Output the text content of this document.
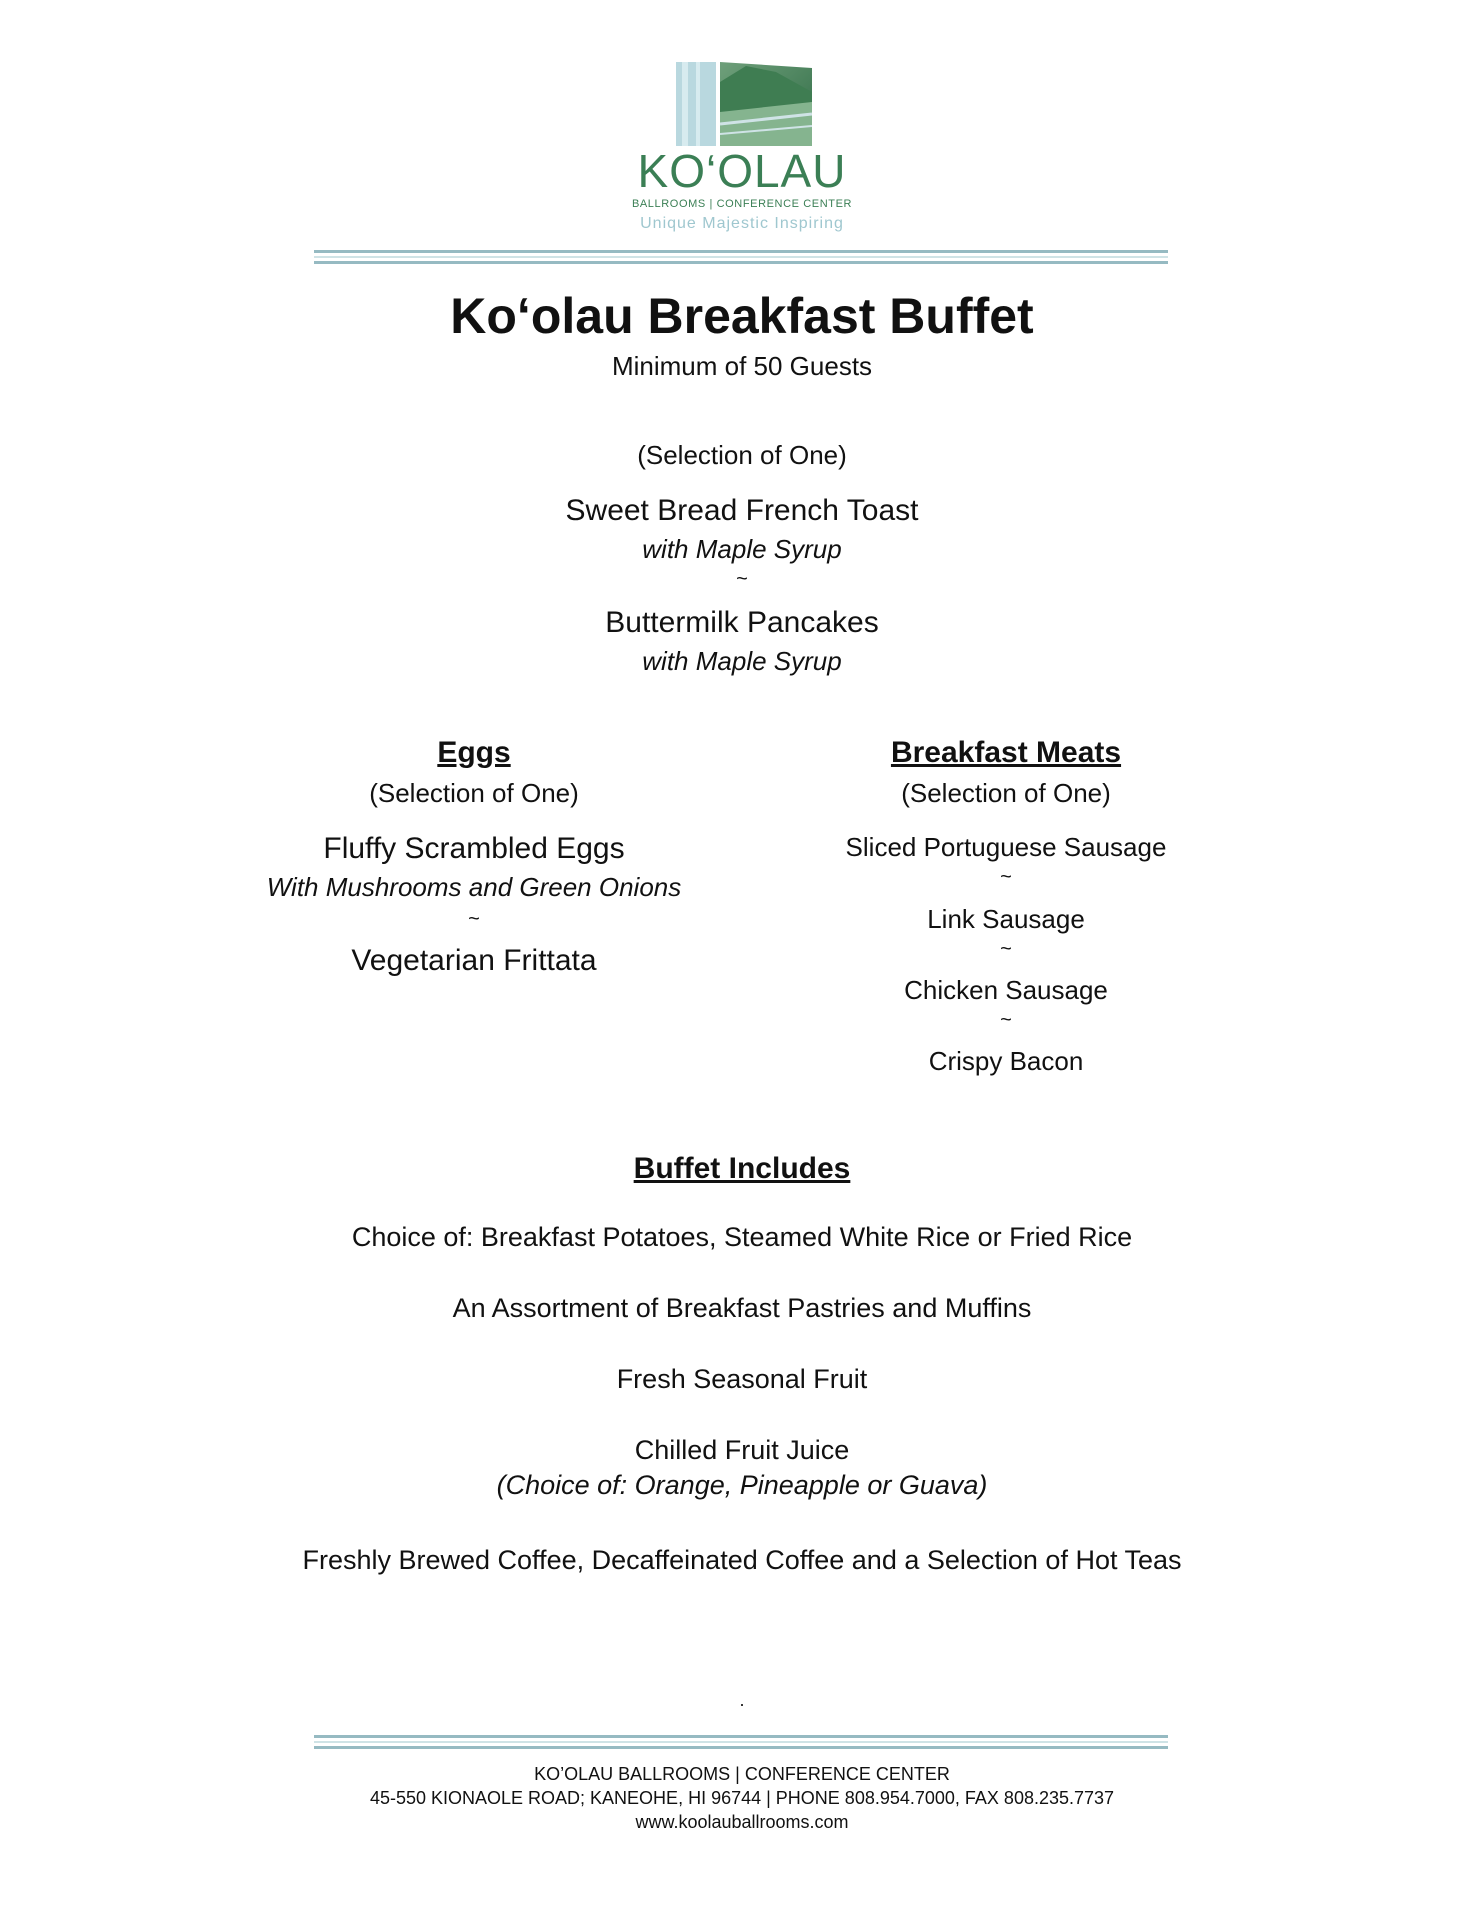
KO‘OLAU
BALLROOMS | CONFERENCE CENTER
Unique Majestic Inspiring
Ko‘olau Breakfast Buffet
Minimum of 50 Guests
(Selection of One)
Sweet Bread French Toast
with Maple Syrup
~
Buttermilk Pancakes
with Maple Syrup
Eggs
(Selection of One)
Fluffy Scrambled Eggs
With Mushrooms and Green Onions
~
Vegetarian Frittata
Breakfast Meats
(Selection of One)
Sliced Portuguese Sausage
~
Link Sausage
~
Chicken Sausage
~
Crispy Bacon
Buffet Includes
Choice of: Breakfast Potatoes, Steamed White Rice or Fried Rice
An Assortment of Breakfast Pastries and Muffins
Fresh Seasonal Fruit
Chilled Fruit Juice
(Choice of: Orange, Pineapple or Guava)
Freshly Brewed Coffee, Decaffeinated Coffee and a Selection of Hot Teas
.
KO’OLAU BALLROOMS | CONFERENCE CENTER
45-550 KIONAOLE ROAD; KANEOHE, HI 96744 | PHONE 808.954.7000, FAX 808.235.7737
www.koolauballrooms.com
